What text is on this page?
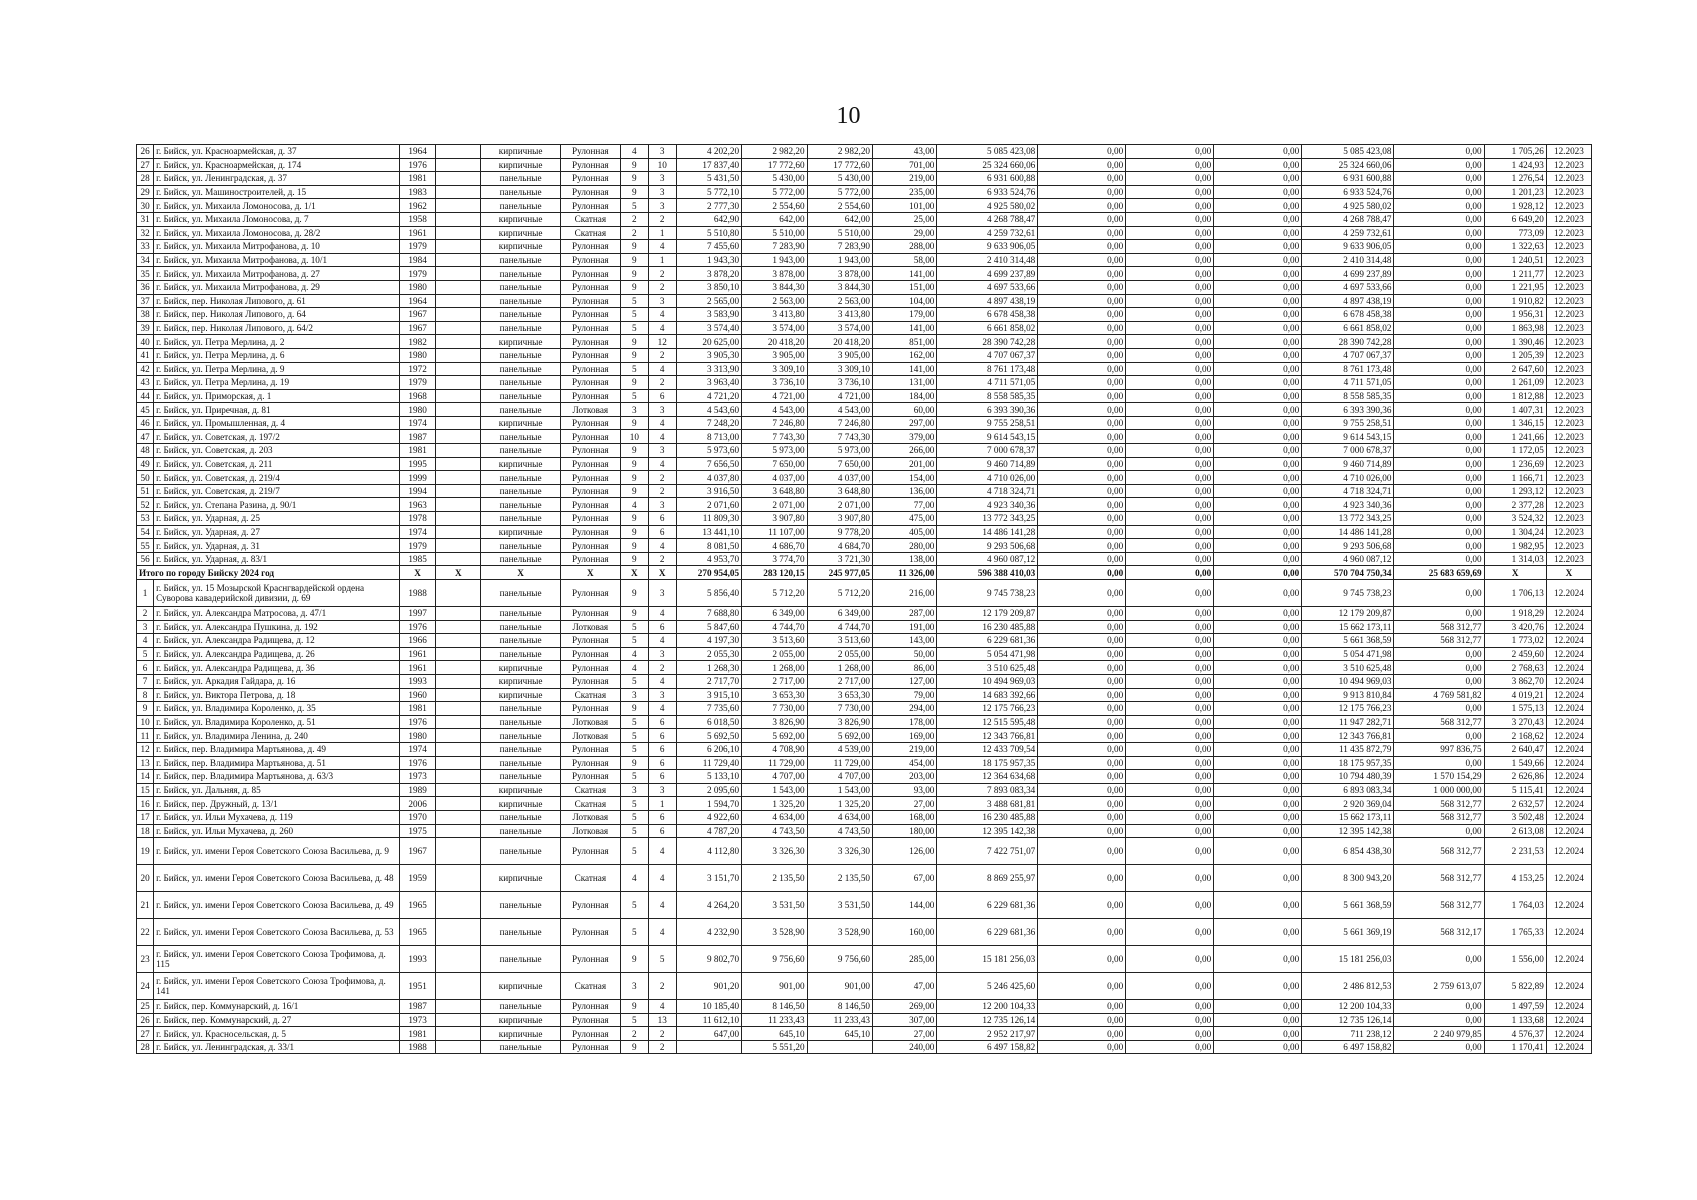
10
26	г. Бийск, ул. Красноармейская, д. 37	1964		кирпичные	Рулонная	4	3	4 202,20	2 982,20	2 982,20	43,00	5 085 423,08	0,00	0,00	0,00	5 085 423,08	0,00	1 705,26	12.2023
27	г. Бийск, ул. Красноармейская, д. 174	1976		кирпичные	Рулонная	9	10	17 837,40	17 772,60	17 772,60	701,00	25 324 660,06	0,00	0,00	0,00	25 324 660,06	0,00	1 424,93	12.2023
28	г. Бийск, ул. Ленинградская, д. 37	1981		панельные	Рулонная	9	3	5 431,50	5 430,00	5 430,00	219,00	6 931 600,88	0,00	0,00	0,00	6 931 600,88	0,00	1 276,54	12.2023
29	г. Бийск, ул. Машиностроителей, д. 15	1983		панельные	Рулонная	9	3	5 772,10	5 772,00	5 772,00	235,00	6 933 524,76	0,00	0,00	0,00	6 933 524,76	0,00	1 201,23	12.2023
30	г. Бийск, ул. Михаила Ломоносова, д. 1/1	1962		панельные	Рулонная	5	3	2 777,30	2 554,60	2 554,60	101,00	4 925 580,02	0,00	0,00	0,00	4 925 580,02	0,00	1 928,12	12.2023
31	г. Бийск, ул. Михаила Ломоносова, д. 7	1958		кирпичные	Скатная	2	2	642,90	642,00	642,00	25,00	4 268 788,47	0,00	0,00	0,00	4 268 788,47	0,00	6 649,20	12.2023
32	г. Бийск, ул. Михаила Ломоносова, д. 28/2	1961		кирпичные	Скатная	2	1	5 510,80	5 510,00	5 510,00	29,00	4 259 732,61	0,00	0,00	0,00	4 259 732,61	0,00	773,09	12.2023
33	г. Бийск, ул. Михаила Митрофанова, д. 10	1979		кирпичные	Рулонная	9	4	7 455,60	7 283,90	7 283,90	288,00	9 633 906,05	0,00	0,00	0,00	9 633 906,05	0,00	1 322,63	12.2023
34	г. Бийск, ул. Михаила Митрофанова, д. 10/1	1984		панельные	Рулонная	9	1	1 943,30	1 943,00	1 943,00	58,00	2 410 314,48	0,00	0,00	0,00	2 410 314,48	0,00	1 240,51	12.2023
35	г. Бийск, ул. Михаила Митрофанова, д. 27	1979		панельные	Рулонная	9	2	3 878,20	3 878,00	3 878,00	141,00	4 699 237,89	0,00	0,00	0,00	4 699 237,89	0,00	1 211,77	12.2023
36	г. Бийск, ул. Михаила Митрофанова, д. 29	1980		панельные	Рулонная	9	2	3 850,10	3 844,30	3 844,30	151,00	4 697 533,66	0,00	0,00	0,00	4 697 533,66	0,00	1 221,95	12.2023
37	г. Бийск, пер. Николая Липового, д. 61	1964		панельные	Рулонная	5	3	2 565,00	2 563,00	2 563,00	104,00	4 897 438,19	0,00	0,00	0,00	4 897 438,19	0,00	1 910,82	12.2023
38	г. Бийск, пер. Николая Липового, д. 64	1967		панельные	Рулонная	5	4	3 583,90	3 413,80	3 413,80	179,00	6 678 458,38	0,00	0,00	0,00	6 678 458,38	0,00	1 956,31	12.2023
39	г. Бийск, пер. Николая Липового, д. 64/2	1967		панельные	Рулонная	5	4	3 574,40	3 574,00	3 574,00	141,00	6 661 858,02	0,00	0,00	0,00	6 661 858,02	0,00	1 863,98	12.2023
40	г. Бийск, ул. Петра Мерлина, д. 2	1982		кирпичные	Рулонная	9	12	20 625,00	20 418,20	20 418,20	851,00	28 390 742,28	0,00	0,00	0,00	28 390 742,28	0,00	1 390,46	12.2023
41	г. Бийск, ул. Петра Мерлина, д. 6	1980		панельные	Рулонная	9	2	3 905,30	3 905,00	3 905,00	162,00	4 707 067,37	0,00	0,00	0,00	4 707 067,37	0,00	1 205,39	12.2023
42	г. Бийск, ул. Петра Мерлина, д. 9	1972		панельные	Рулонная	5	4	3 313,90	3 309,10	3 309,10	141,00	8 761 173,48	0,00	0,00	0,00	8 761 173,48	0,00	2 647,60	12.2023
43	г. Бийск, ул. Петра Мерлина, д. 19	1979		панельные	Рулонная	9	2	3 963,40	3 736,10	3 736,10	131,00	4 711 571,05	0,00	0,00	0,00	4 711 571,05	0,00	1 261,09	12.2023
44	г. Бийск, ул. Приморская, д. 1	1968		панельные	Рулонная	5	6	4 721,20	4 721,00	4 721,00	184,00	8 558 585,35	0,00	0,00	0,00	8 558 585,35	0,00	1 812,88	12.2023
45	г. Бийск, ул. Приречная, д. 81	1980		панельные	Лотковая	3	3	4 543,60	4 543,00	4 543,00	60,00	6 393 390,36	0,00	0,00	0,00	6 393 390,36	0,00	1 407,31	12.2023
46	г. Бийск, ул. Промышленная, д. 4	1974		кирпичные	Рулонная	9	4	7 248,20	7 246,80	7 246,80	297,00	9 755 258,51	0,00	0,00	0,00	9 755 258,51	0,00	1 346,15	12.2023
47	г. Бийск, ул. Советская, д. 197/2	1987		панельные	Рулонная	10	4	8 713,00	7 743,30	7 743,30	379,00	9 614 543,15	0,00	0,00	0,00	9 614 543,15	0,00	1 241,66	12.2023
48	г. Бийск, ул. Советская, д. 203	1981		панельные	Рулонная	9	3	5 973,60	5 973,00	5 973,00	266,00	7 000 678,37	0,00	0,00	0,00	7 000 678,37	0,00	1 172,05	12.2023
49	г. Бийск, ул. Советская, д. 211	1995		кирпичные	Рулонная	9	4	7 656,50	7 650,00	7 650,00	201,00	9 460 714,89	0,00	0,00	0,00	9 460 714,89	0,00	1 236,69	12.2023
50	г. Бийск, ул. Советская, д. 219/4	1999		панельные	Рулонная	9	2	4 037,80	4 037,00	4 037,00	154,00	4 710 026,00	0,00	0,00	0,00	4 710 026,00	0,00	1 166,71	12.2023
51	г. Бийск, ул. Советская, д. 219/7	1994		панельные	Рулонная	9	2	3 916,50	3 648,80	3 648,80	136,00	4 718 324,71	0,00	0,00	0,00	4 718 324,71	0,00	1 293,12	12.2023
52	г. Бийск, ул. Степана Разина, д. 90/1	1963		панельные	Рулонная	4	3	2 071,60	2 071,00	2 071,00	77,00	4 923 340,36	0,00	0,00	0,00	4 923 340,36	0,00	2 377,28	12.2023
53	г. Бийск, ул. Ударная, д. 25	1978		панельные	Рулонная	9	6	11 809,30	3 907,80	3 907,80	475,00	13 772 343,25	0,00	0,00	0,00	13 772 343,25	0,00	3 524,32	12.2023
54	г. Бийск, ул. Ударная, д. 27	1974		кирпичные	Рулонная	9	6	13 441,10	11 107,00	9 778,20	405,00	14 486 141,28	0,00	0,00	0,00	14 486 141,28	0,00	1 304,24	12.2023
55	г. Бийск, ул. Ударная, д. 31	1979		панельные	Рулонная	9	4	8 081,50	4 686,70	4 684,70	280,00	9 293 506,68	0,00	0,00	0,00	9 293 506,68	0,00	1 982,95	12.2023
56	г. Бийск, ул. Ударная, д. 83/1	1985		панельные	Рулонная	9	2	4 953,70	3 774,70	3 721,30	138,00	4 960 087,12	0,00	0,00	0,00	4 960 087,12	0,00	1 314,03	12.2023
Итого по городу Бийску 2024 год		X	X	X	X	X	X	270 954,05	283 120,15	245 977,05	11 326,00	596 388 410,03	0,00	0,00	0,00	570 704 750,34	25 683 659,69	X	X
1	г. Бийск, ул. 15 Мозырской Краснгвардейской ордена Суворова кавадерийской дивизии, д. 69	1988		панельные	Рулонная	9	3	5 856,40	5 712,20	5 712,20	216,00	9 745 738,23	0,00	0,00	0,00	9 745 738,23	0,00	1 706,13	12.2024
2	г. Бийск, ул. Александра Матросова, д. 47/1	1997		панельные	Рулонная	9	4	7 688,80	6 349,00	6 349,00	287,00	12 179 209,87	0,00	0,00	0,00	12 179 209,87	0,00	1 918,29	12.2024
3	г. Бийск, ул. Александра Пушкина, д. 192	1976		панельные	Лотковая	5	6	5 847,60	4 744,70	4 744,70	191,00	16 230 485,88	0,00	0,00	0,00	15 662 173,11	568 312,77	3 420,76	12.2024
4	г. Бийск, ул. Александра Радищева, д. 12	1966		панельные	Рулонная	5	4	4 197,30	3 513,60	3 513,60	143,00	6 229 681,36	0,00	0,00	0,00	5 661 368,59	568 312,77	1 773,02	12.2024
5	г. Бийск, ул. Александра Радищева, д. 26	1961		панельные	Рулонная	4	3	2 055,30	2 055,00	2 055,00	50,00	5 054 471,98	0,00	0,00	0,00	5 054 471,98	0,00	2 459,60	12.2024
6	г. Бийск, ул. Александра Радищева, д. 36	1961		кирпичные	Рулонная	4	2	1 268,30	1 268,00	1 268,00	86,00	3 510 625,48	0,00	0,00	0,00	3 510 625,48	0,00	2 768,63	12.2024
7	г. Бийск, ул. Аркадия Гайдара, д. 16	1993		кирпичные	Рулонная	5	4	2 717,70	2 717,00	2 717,00	127,00	10 494 969,03	0,00	0,00	0,00	10 494 969,03	0,00	3 862,70	12.2024
8	г. Бийск, ул. Виктора Петрова, д. 18	1960		кирпичные	Скатная	3	3	3 915,10	3 653,30	3 653,30	79,00	14 683 392,66	0,00	0,00	0,00	9 913 810,84	4 769 581,82	4 019,21	12.2024
9	г. Бийск, ул. Владимира Короленко, д. 35	1981		панельные	Рулонная	9	4	7 735,60	7 730,00	7 730,00	294,00	12 175 766,23	0,00	0,00	0,00	12 175 766,23	0,00	1 575,13	12.2024
10	г. Бийск, ул. Владимира Короленко, д. 51	1976		панельные	Лотковая	5	6	6 018,50	3 826,90	3 826,90	178,00	12 515 595,48	0,00	0,00	0,00	11 947 282,71	568 312,77	3 270,43	12.2024
11	г. Бийск, ул. Владимира Ленина, д. 240	1980		панельные	Лотковая	5	6	5 692,50	5 692,00	5 692,00	169,00	12 343 766,81	0,00	0,00	0,00	12 343 766,81	0,00	2 168,62	12.2024
12	г. Бийск, пер. Владимира Мартьянова, д. 49	1974		панельные	Рулонная	5	6	6 206,10	4 708,90	4 539,00	219,00	12 433 709,54	0,00	0,00	0,00	11 435 872,79	997 836,75	2 640,47	12.2024
13	г. Бийск, пер. Владимира Мартьянова, д. 51	1976		панельные	Рулонная	9	6	11 729,40	11 729,00	11 729,00	454,00	18 175 957,35	0,00	0,00	0,00	18 175 957,35	0,00	1 549,66	12.2024
14	г. Бийск, пер. Владимира Мартьянова, д. 63/3	1973		панельные	Рулонная	5	6	5 133,10	4 707,00	4 707,00	203,00	12 364 634,68	0,00	0,00	0,00	10 794 480,39	1 570 154,29	2 626,86	12.2024
15	г. Бийск, ул. Дальняя, д. 85	1989		кирпичные	Скатная	3	3	2 095,60	1 543,00	1 543,00	93,00	7 893 083,34	0,00	0,00	0,00	6 893 083,34	1 000 000,00	5 115,41	12.2024
16	г. Бийск, пер. Дружный, д. 13/1	2006		кирпичные	Скатная	5	1	1 594,70	1 325,20	1 325,20	27,00	3 488 681,81	0,00	0,00	0,00	2 920 369,04	568 312,77	2 632,57	12.2024
17	г. Бийск, ул. Ильи Мухачева, д. 119	1970		панельные	Лотковая	5	6	4 922,60	4 634,00	4 634,00	168,00	16 230 485,88	0,00	0,00	0,00	15 662 173,11	568 312,77	3 502,48	12.2024
18	г. Бийск, ул. Ильи Мухачева, д. 260	1975		панельные	Лотковая	5	6	4 787,20	4 743,50	4 743,50	180,00	12 395 142,38	0,00	0,00	0,00	12 395 142,38	0,00	2 613,08	12.2024
19	г. Бийск, ул. имени Героя Советского Союза Васильева, д. 9	1967		панельные	Рулонная	5	4	4 112,80	3 326,30	3 326,30	126,00	7 422 751,07	0,00	0,00	0,00	6 854 438,30	568 312,77	2 231,53	12.2024
20	г. Бийск, ул. имени Героя Советского Союза Васильева, д. 48	1959		кирпичные	Скатная	4	4	3 151,70	2 135,50	2 135,50	67,00	8 869 255,97	0,00	0,00	0,00	8 300 943,20	568 312,77	4 153,25	12.2024
21	г. Бийск, ул. имени Героя Советского Союза Васильева, д. 49	1965		панельные	Рулонная	5	4	4 264,20	3 531,50	3 531,50	144,00	6 229 681,36	0,00	0,00	0,00	5 661 368,59	568 312,77	1 764,03	12.2024
22	г. Бийск, ул. имени Героя Советского Союза Васильева, д. 53	1965		панельные	Рулонная	5	4	4 232,90	3 528,90	3 528,90	160,00	6 229 681,36	0,00	0,00	0,00	5 661 369,19	568 312,17	1 765,33	12.2024
23	г. Бийск, ул. имени Героя Советского Союза Трофимова, д. 115	1993		панельные	Рулонная	9	5	9 802,70	9 756,60	9 756,60	285,00	15 181 256,03	0,00	0,00	0,00	15 181 256,03	0,00	1 556,00	12.2024
24	г. Бийск, ул. имени Героя Советского Союза Трофимова, д. 141	1951		кирпичные	Скатная	3	2	901,20	901,00	901,00	47,00	5 246 425,60	0,00	0,00	0,00	2 486 812,53	2 759 613,07	5 822,89	12.2024
25	г. Бийск, пер. Коммунарский, д. 16/1	1987		панельные	Рулонная	9	4	10 185,40	8 146,50	8 146,50	269,00	12 200 104,33	0,00	0,00	0,00	12 200 104,33	0,00	1 497,59	12.2024
26	г. Бийск, пер. Коммунарский, д. 27	1973		кирпичные	Рулонная	5	13	11 612,10	11 233,43	11 233,43	307,00	12 735 126,14	0,00	0,00	0,00	12 735 126,14	0,00	1 133,68	12.2024
27	г. Бийск, ул. Красносельская, д. 5	1981		кирпичные	Рулонная	2	2	647,00	645,10	645,10	27,00	2 952 217,97	0,00	0,00	0,00	711 238,12	2 240 979,85	4 576,37	12.2024
28	г. Бийск, ул. Ленинградская, д. 33/1	1988		панельные	Рулонная	9	2		5 551,20		240,00	6 497 158,82	0,00	0,00	0,00	6 497 158,82	0,00	1 170,41	12.2024
